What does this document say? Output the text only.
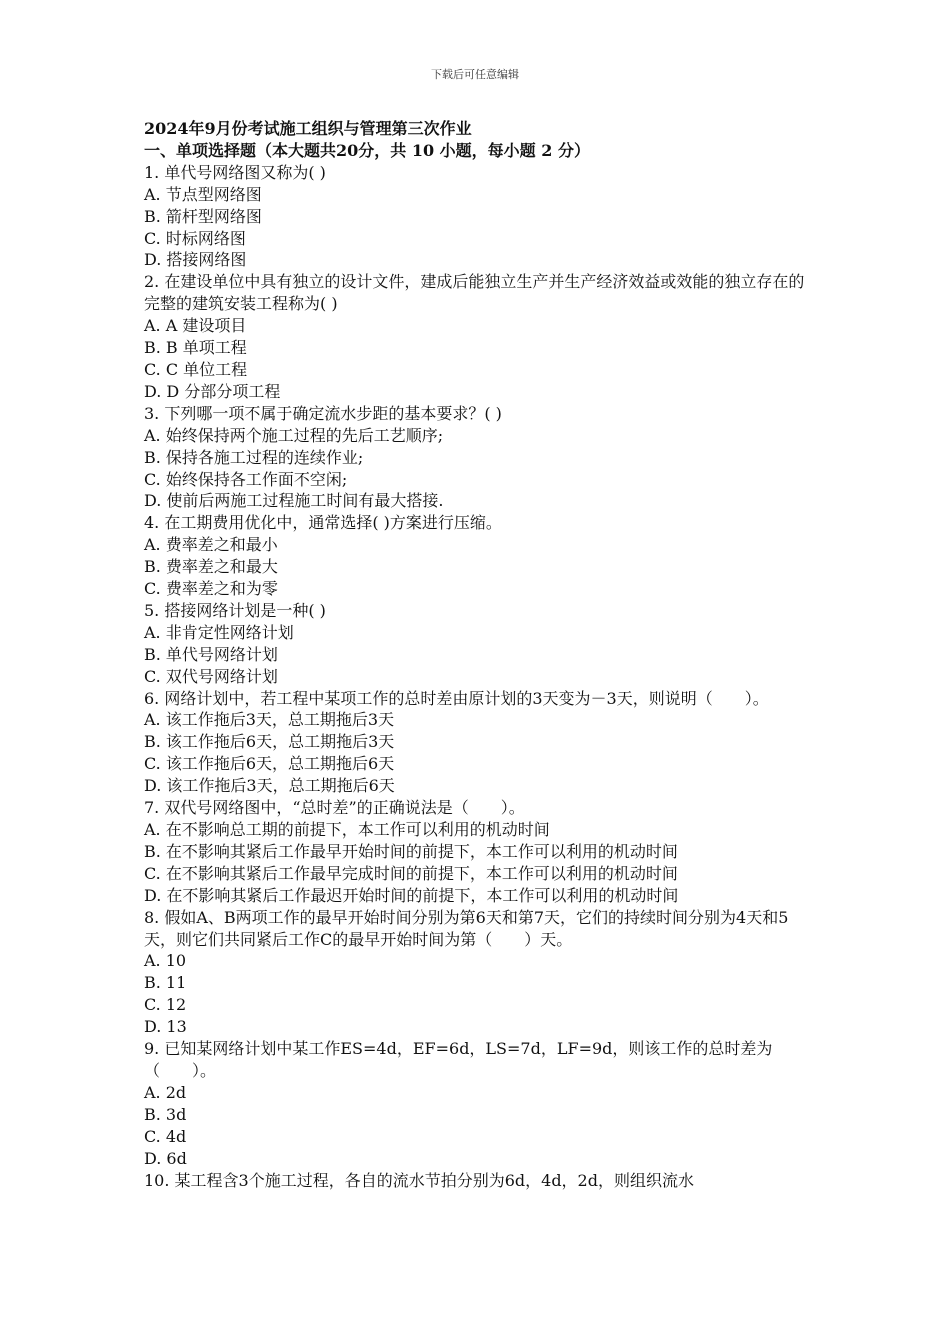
下载后可任意编辑
2024年9月份考试施工组织与管理第三次作业
一、单项选择题（本大题共20分，共 10 小题，每小题 2 分）
1. 单代号网络图又称为( )
A. 节点型网络图
B. 箭杆型网络图
C. 时标网络图
D. 搭接网络图
2. 在建设单位中具有独立的设计文件，建成后能独立生产并生产经济效益或效能的独立存在的完整的建筑安装工程称为( )
A. A 建设项目
B. B 单项工程
C. C 单位工程
D. D 分部分项工程
3. 下列哪一项不属于确定流水步距的基本要求？( )
A. 始终保持两个施工过程的先后工艺顺序;
B. 保持各施工过程的连续作业;
C. 始终保持各工作面不空闲;
D. 使前后两施工过程施工时间有最大搭接.
4. 在工期费用优化中，通常选择( )方案进行压缩。
A. 费率差之和最小
B. 费率差之和最大
C. 费率差之和为零
5. 搭接网络计划是一种( )
A. 非肯定性网络计划
B. 单代号网络计划
C. 双代号网络计划
6. 网络计划中，若工程中某项工作的总时差由原计划的3天变为－3天，则说明（　　）。
A. 该工作拖后3天，总工期拖后3天
B. 该工作拖后6天，总工期拖后3天
C. 该工作拖后6天，总工期拖后6天
D. 该工作拖后3天，总工期拖后6天
7. 双代号网络图中，“总时差”的正确说法是（　　）。
A. 在不影响总工期的前提下，本工作可以利用的机动时间
B. 在不影响其紧后工作最早开始时间的前提下，本工作可以利用的机动时间
C. 在不影响其紧后工作最早完成时间的前提下，本工作可以利用的机动时间
D. 在不影响其紧后工作最迟开始时间的前提下，本工作可以利用的机动时间
8. 假如A、B两项工作的最早开始时间分别为第6天和第7天，它们的持续时间分别为4天和5天，则它们共同紧后工作C的最早开始时间为第（　　）天。
A. 10
B. 11
C. 12
D. 13
9. 已知某网络计划中某工作ES=4d，EF=6d，LS=7d，LF=9d，则该工作的总时差为（　　）。
A. 2d
B. 3d
C. 4d
D. 6d
10. 某工程含3个施工过程，各自的流水节拍分别为6d，4d，2d，则组织流水
